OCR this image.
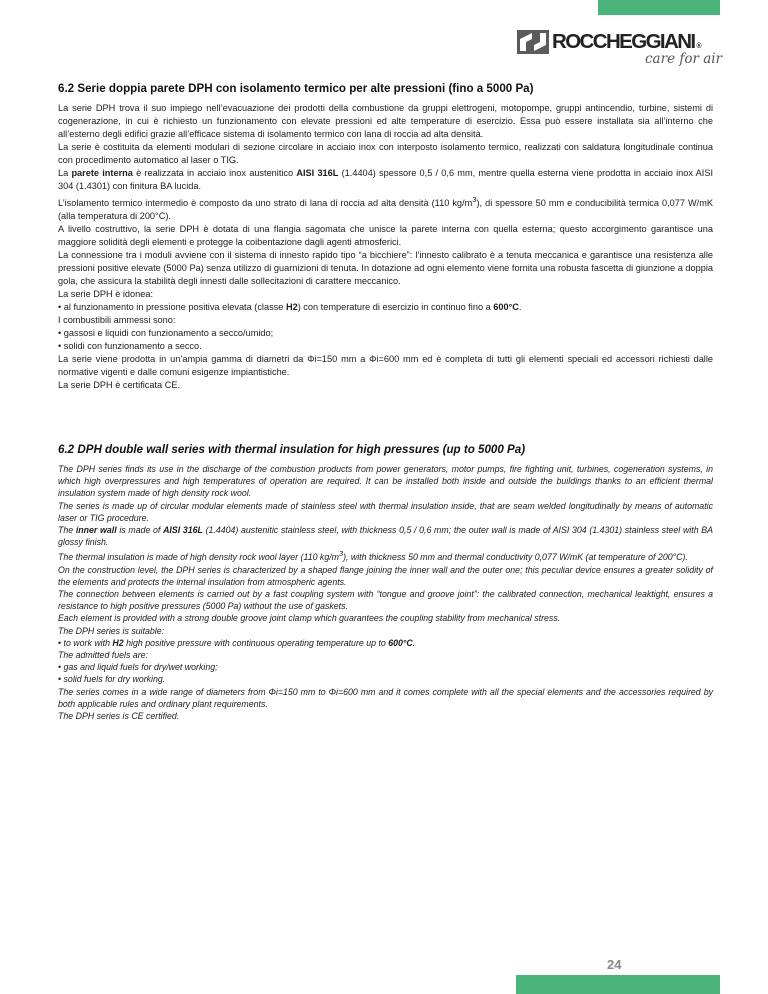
ROCCHEGGIANI ®
care for air
6.2 Serie doppia parete DPH con isolamento termico per alte pressioni (fino a 5000 Pa)

La serie DPH trova il suo impiego nell’evacuazione dei prodotti della combustione da gruppi elettrogeni, motopompe, gruppi antincendio, turbine, sistemi di cogenerazione, in cui è richiesto un funzionamento con elevate pressioni ed alte temperature di esercizio. Essa può essere installata sia all’interno che all’esterno degli edifici grazie all’efficace sistema di isolamento termico con lana di roccia ad alta densità.

La serie è costituita da elementi modulari di sezione circolare in acciaio inox con interposto isolamento termico, realizzati con saldatura longitudinale continua con procedimento automatico al laser o TIG.

La parete interna è realizzata in acciaio inox austenitico AISI 316L (1.4404) spessore 0,5 / 0,6 mm, mentre quella esterna viene prodotta in acciaio inox AISI 304 (1.4301) con finitura BA lucida.

L’isolamento termico intermedio è composto da uno strato di lana di roccia ad alta densità (110 $kg/m^3$), di spessore 50 mm e conducibilità termica 0,077 W/mK (alla temperatura di 200°C).

A livello costruttivo, la serie DPH è dotata di una flangia sagomata che unisce la parete interna con quella esterna; questo accorgimento garantisce una maggiore solidità degli elementi e protegge la coibentazione dagli agenti atmosferici.

La connessione tra i moduli avviene con il sistema di innesto rapido tipo “a bicchiere”: l’innesto calibrato è a tenuta meccanica e garantisce una resistenza alle pressioni positive elevate (5000 Pa) senza utilizzo di guarnizioni di tenuta. In dotazione ad ogni elemento viene fornita una robusta fascetta di giunzione a doppia gola, che assicura la stabilità degli innesti dalle sollecitazioni di carattere meccanico.

La serie DPH è idonea:

• al funzionamento in pressione positiva elevata (classe H2) con temperature di esercizio in continuo fino a 600°C.

I combustibili ammessi sono:

• gassosi e liquidi con funzionamento a secco/umido;

• solidi con funzionamento a secco.

La serie viene prodotta in un’ampia gamma di diametri da Φi=150 mm a Φi=600 mm ed è completa di tutti gli elementi speciali ed accessori richiesti dalle normative vigenti e dalle comuni esigenze impiantistiche.

La serie DPH è certificata CE.

6.2 DPH double wall series with thermal insulation for high pressures (up to 5000 Pa)

The DPH series finds its use in the discharge of the combustion products from power generators, motor pumps, fire fighting unit, turbines, cogeneration systems, in which high overpressures and high temperatures of operation are required. It can be installed both inside and outside the buildings thanks to an efficient thermal insulation system made of high density rock wool.

The series is made up of circular modular elements made of stainless steel with thermal insulation inside, that are seam welded longitudinally by means of automatic laser or TIG procedure.

The inner wall is made of AISI 316L (1.4404) austenitic stainless steel, with thickness 0,5 / 0,6 mm; the outer wall is made of AISI 304 (1.4301) stainless steel with BA glossy finish.

The thermal insulation is made of high density rock wool layer (110 $kg/m^3$), with thickness 50 mm and thermal conductivity 0,077 W/mK (at temperature of 200°C).

On the construction level, the DPH series is characterized by a shaped flange joining the inner wall and the outer one; this peculiar device ensures a greater solidity of the elements and protects the internal insulation from atmospheric agents.

The connection between elements is carried out by a fast coupling system with “tongue and groove joint”: the calibrated connection, mechanical leaktight, ensures a resistance to high positive pressures (5000 Pa) without the use of gaskets.

Each element is provided with a strong double groove joint clamp which guarantees the coupling stability from mechanical stress.

The DPH series is suitable:

• to work with H2 high positive pressure with continuous operating temperature up to 600°C.

The admitted fuels are:

• gas and liquid fuels for dry/wet working;

• solid fuels for dry working.

The series comes in a wide range of diameters from Φi=150 mm to Φi=600 mm and it comes complete with all the special elements and the accessories required by both applicable rules and ordinary plant requirements.

The DPH series is CE certified.

24
